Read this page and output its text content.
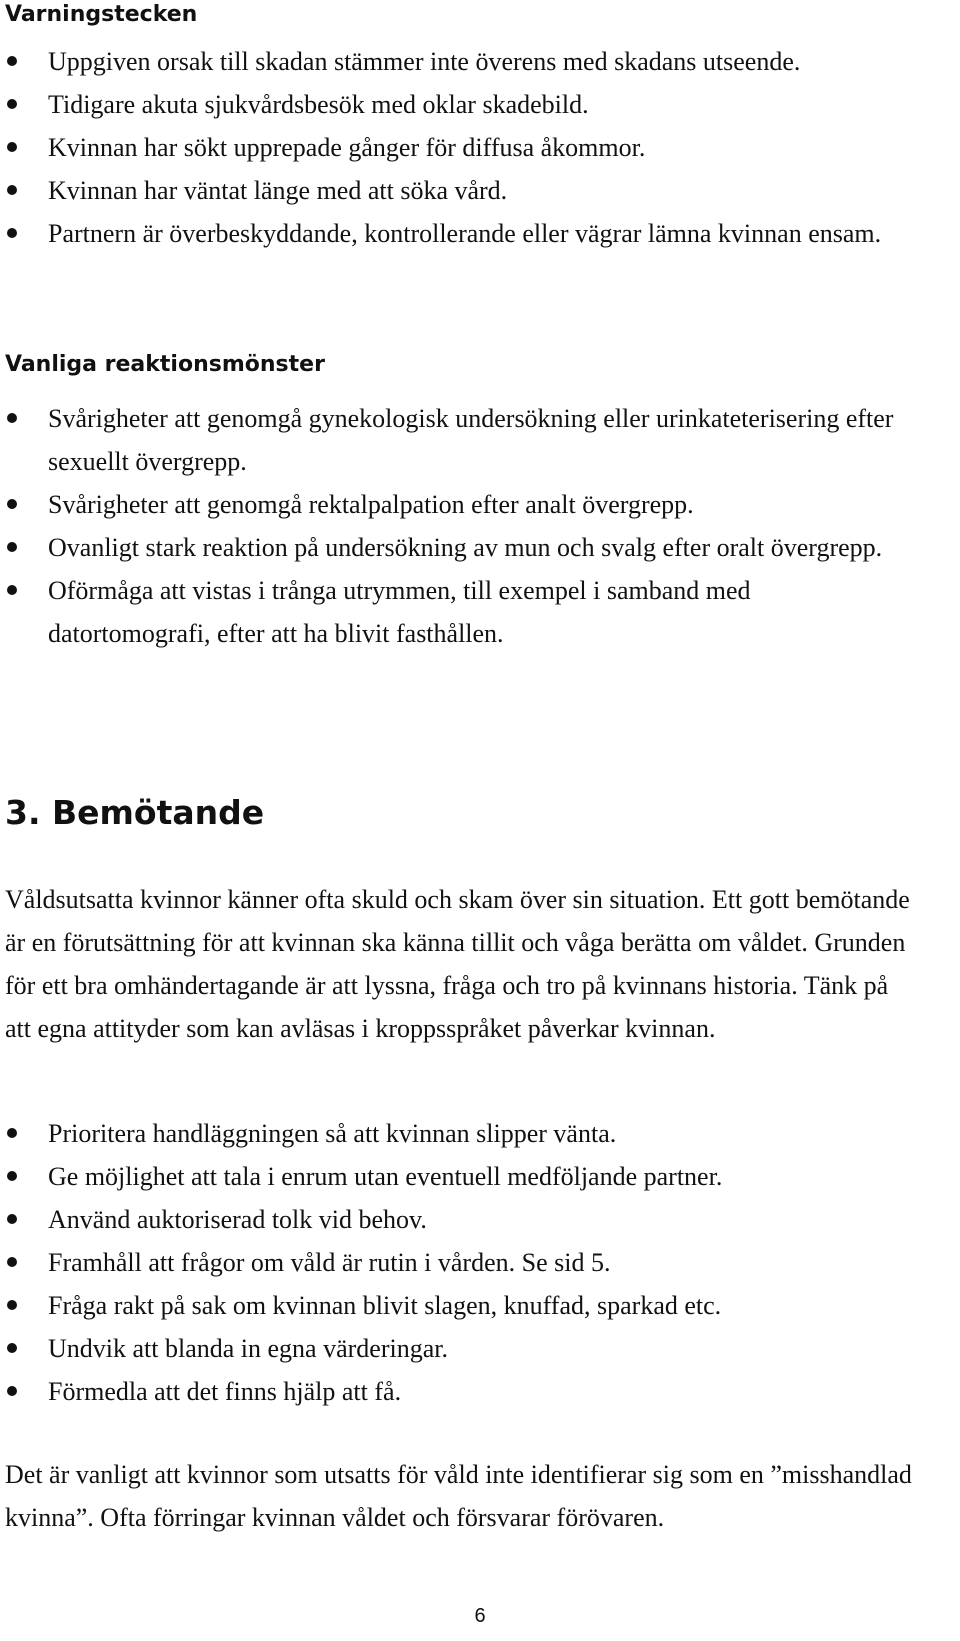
Varningstecken
Uppgiven orsak till skadan stämmer inte överens med skadans utseende.
Tidigare akuta sjukvårdsbesök med oklar skadebild.
Kvinnan har sökt upprepade gånger för diffusa åkommor.
Kvinnan har väntat länge med att söka vård.
Partnern är överbeskyddande, kontrollerande eller vägrar lämna kvinnan ensam.
Vanliga reaktionsmönster
Svårigheter att genomgå gynekologisk undersökning eller urinkateterisering efter sexuellt övergrepp.
Svårigheter att genomgå rektalpalpation efter analt övergrepp.
Ovanligt stark reaktion på undersökning av mun och svalg efter oralt övergrepp.
Oförmåga att vistas i trånga utrymmen, till exempel i samband med datortomografi, efter att ha blivit fasthållen.
3. Bemötande

Våldsutsatta kvinnor känner ofta skuld och skam över sin situation. Ett gott bemötande är en förutsättning för att kvinnan ska känna tillit och våga berätta om våldet. Grunden för ett bra omhändertagande är att lyssna, fråga och tro på kvinnans historia. Tänk på att egna attityder som kan avläsas i kroppsspråket påverkar kvinnan.

Prioritera handläggningen så att kvinnan slipper vänta.
Ge möjlighet att tala i enrum utan eventuell medföljande partner.
Använd auktoriserad tolk vid behov.
Framhåll att frågor om våld är rutin i vården. Se sid 5.
Fråga rakt på sak om kvinnan blivit slagen, knuffad, sparkad etc.
Undvik att blanda in egna värderingar.
Förmedla att det finns hjälp att få.

Det är vanligt att kvinnor som utsatts för våld inte identifierar sig som en ”misshandlad kvinna”. Ofta förringar kvinnan våldet och försvarar förövaren.

6
